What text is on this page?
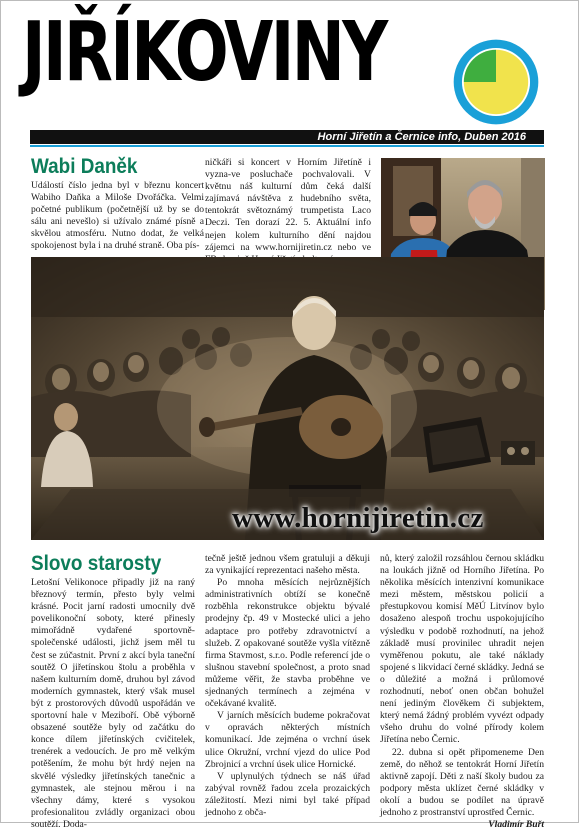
JIŘÍKOVINY
Horní Jiřetín a Černice info, Duben 2016
Wabi Daněk

Událostí číslo jedna byl v březnu koncert Wabiho Daňka a Miloše Dvořáčka. Velmi početné publikum (početnější už by se do sálu ani nevešlo) si užívalo známé písně a skvělou atmosféru. Nutno dodat, že velká spokojenost byla i na druhé straně. Oba pís-

ničkáři si koncert v Horním Jiřetíně i vyzna-ve posluchače pochvalovali. V květnu náš kulturní dům čeká další zajímavá návštěva z hudebního světa, tentokrát světoznámý trumpetista Laco Deczi. Ten dorazí 22. 5. Aktuální info nejen kolem kulturního dění najdou zájemci na www.hornijiretin.cz nebo ve

www.hornijiretin.cz
Slovo starosty

Letošní Velikonoce připadly již na raný březnový termín, přesto byly velmi krásné. Pocit jarní radosti umocnily dvě povelikonoční soboty, které přinesly mimořádně vydařené sportovně-společenské události, jichž jsem měl tu čest se zúčastnit. První z akcí byla taneční soutěž O jiřetínskou štolu a proběhla v našem kulturním domě, druhou byl závod moderních gymnastek, který však musel být z prostorových důvodů uspořádán ve sportovní hale v Meziboří. Obě výborně obsazené soutěže byly od začátku do konce dílem jiřetínských cvičitelek, trenérek a vedoucích. Je pro mě velkým potěšením, že mohu být hrdý nejen na skvělé výsledky jiřetínských tanečnic a gymnastek, ale stejnou měrou i na všechny dámy, které s vysokou profesionalitou zvládly organizaci obou soutěží. Doda-

tečně ještě jednou všem gratuluji a děkuji za vynikající reprezentaci našeho města.

Po mnoha měsících nejrůznějších administrativních obtíží se konečně rozběhla rekonstrukce objektu bývalé prodejny čp. 49 v Mostecké ulici a jeho adaptace pro potřeby zdravotnictví a služeb. Z opakované soutěže vyšla vítězně firma Stavmost, s.r.o. Podle referencí jde o slušnou stavební společnost, a proto snad můžeme věřit, že stavba proběhne ve sjednaných termínech a zejména v očekávané kvalitě.

V jarních měsících budeme pokračovat v opravách některých místních komunikací. Jde zejména o vrchní úsek ulice Okružní, vrchní vjezd do ulice Pod Zbrojnicí a vrchní úsek ulice Hornické.

V uplynulých týdnech se náš úřad zabýval rovněž řadou zcela prozaických záležitostí. Mezi nimi byl také případ jednoho z obča-

nů, který založil rozsáhlou černou skládku na loukách jižně od Horního Jiřetína. Po několika měsících intenzivní komunikace mezi městem, městskou policií a přestupkovou komisí MěÚ Litvínov bylo dosaženo alespoň trochu uspokojujícího výsledku v podobě rozhodnutí, na jehož základě musí provinilec uhradit nejen vyměřenou pokutu, ale také náklady spojené s likvidací černé skládky. Jedná se o důležité a možná i průlomové rozhodnutí, neboť onen občan bohužel není jediným člověkem či subjektem, který nemá žádný problém vyvézt odpady všeho druhu do volné přírody kolem Jiřetína nebo Černic.

22. dubna si opět připomeneme Den země, do něhož se tentokrát Horní Jiřetín aktivně zapojí. Děti z naší školy budou za podpory města uklízet černé skládky v okolí a budou se podílet na úpravě jednoho z prostranství uprostřed Černic.
Vladimír Buřt
